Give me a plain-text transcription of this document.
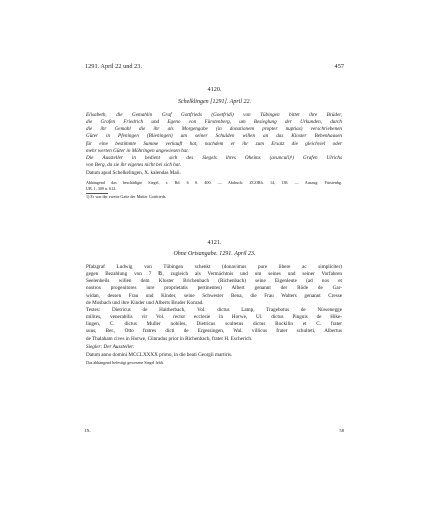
1291. April 22 und 23.	457
4120.
Schelklingen [1291]. April 22.
Elisabeth, die Gemahlin Graf Gottfrieds (Goetfridi) von Tübingen bittet ihre Brüder,
die Grafen Friedrich und Egeno von Fürstenberg, um Besieglung der Urkunden, durch
die ihr Gemahl die ihr als Morgengabe (in donationem propter nuptias) verschriebenen
Güter in Pfeningen (Blieningen) um seiner Schulden willen an das Kloster Bebenhausen
für eine bestimmte Summe verkauft hat, nachdem er ihr zum Ersatz die gleichviel oder
mehr werten Güter in Möhringen angewiesen hat.
Die Aussteller in bedient sich des Siegels ihres Oheims (avunculi)¹) Grafen Ulrichs
von Berg, da sie ihr eigenes nicht bei sich hat.
Datum apud Schelkelingen, X. kalendas Maii.
Abhängend das beschädigte Siegel, s. Bd. 6 S. 400. — Abdruck: ZGORh. 14, 138. — Auszug: Fürstenbg.
UB. 1, 309 n. 612.
1) Er war der zweite Gatte der Mutter Gottfrieds.
4121.
Ohne Ortsangabe. 1291. April 23.
Pfalzgraf Ludwig von Tübingen schenkt (donavimus pure libere ac simpliciter)
gegen Bezahlung von 7 ℔, zugleich als Vermächtnis und um seines und seiner Vorfahren
Seelenheils willen dem Kloster Brichenbach (Richenbach) seine Eigenleute (ad nos et
nostros progenitores iure proprietatis pertinentes) Albert genannt der Röde de Gar-
widan, dessen Frau und Kinder, seine Schwester Bena, die Frau Walters genannt Cresse
de Mosbach und ihre Kinder und Alberts Bruder Konrad.
Testes: Dietricus de Haitherbach, Vol. dictus Lamp, Tragebotus de Nüwenegge
milites, venerabilis vir Vol. rector ecclesie in Horwe, Ül. dictus Pinguis de Hike-
lingen, C. dictus Muller nobiles, Dietricus scultetus dictus Bockilin et C. frater
suus, Ber., Otto fratres dicti de Ergessingen, Wal. villicus frater schulteti, Albertus
de Thalaham cives in Horwe, Cünradus prior in Richenbach, frater H. Escherich.
Siegler: Der Aussteller.
Datum anno domini MCCLXXXX primo, in die beati Georgii martiris.
Das abhängend befestigt gewesene Siegel fehlt.
IX.	58
